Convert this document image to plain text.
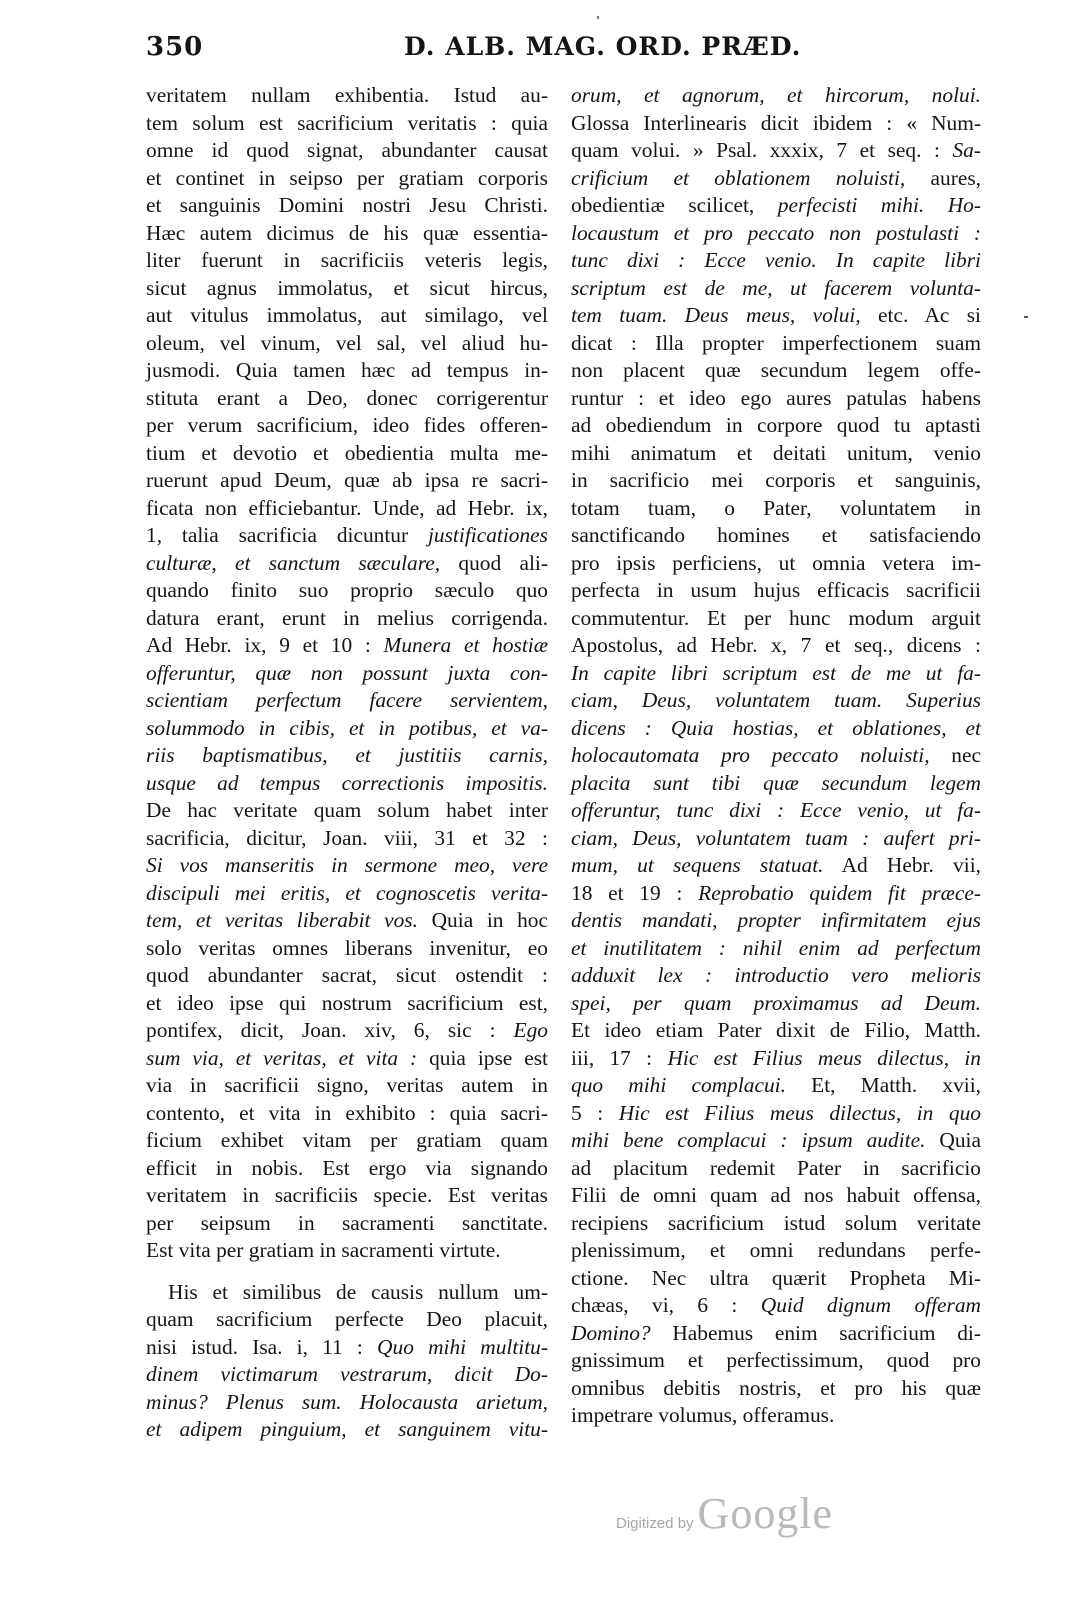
350	D. ALB. MAG. ORD. PRÆD.
veritatem nullam exhibentia. Istud au-
tem solum est sacrificium veritatis : quia
omne id quod signat, abundanter causat
et continet in seipso per gratiam corporis
et sanguinis Domini nostri Jesu Christi.
Hæc autem dicimus de his quæ essentia-
liter fuerunt in sacrificiis veteris legis,
sicut agnus immolatus, et sicut hircus,
aut vitulus immolatus, aut similago, vel
oleum, vel vinum, vel sal, vel aliud hu-
jusmodi. Quia tamen hæc ad tempus in-
stituta erant a Deo, donec corrigerentur
per verum sacrificium, ideo fides offeren-
tium et devotio et obedientia multa me-
ruerunt apud Deum, quæ ab ipsa re sacri-
ficata non efficiebantur. Unde, ad Hebr. ix,
1, talia sacrificia dicuntur justificationes
culturæ, et sanctum sæculare, quod ali-
quando finito suo proprio sæculo quo
datura erant, erunt in melius corrigenda.
Ad Hebr. ix, 9 et 10 : Munera et hostiæ
offeruntur, quæ non possunt juxta con-
scientiam perfectum facere servientem,
solummodo in cibis, et in potibus, et va-
riis baptismatibus, et justitiis carnis,
usque ad tempus correctionis impositis.
De hac veritate quam solum habet inter
sacrificia, dicitur, Joan. viii, 31 et 32 :
Si vos manseritis in sermone meo, vere
discipuli mei eritis, et cognoscetis verita-
tem, et veritas liberabit vos. Quia in hoc
solo veritas omnes liberans invenitur, eo
quod abundanter sacrat, sicut ostendit :
et ideo ipse qui nostrum sacrificium est,
pontifex, dicit, Joan. xiv, 6, sic : Ego
sum via, et veritas, et vita : quia ipse est
via in sacrificii signo, veritas autem in
contento, et vita in exhibito : quia sacri-
ficium exhibet vitam per gratiam quam
efficit in nobis. Est ergo via signando
veritatem in sacrificiis specie. Est veritas
per seipsum in sacramenti sanctitate.
Est vita per gratiam in sacramenti virtute.
His et similibus de causis nullum um-
quam sacrificium perfecte Deo placuit,
nisi istud. Isa. i, 11 : Quo mihi multitu-
dinem victimarum vestrarum, dicit Do-
minus? Plenus sum. Holocausta arietum,
et adipem pinguium, et sanguinem vitu-
orum, et agnorum, et hircorum, nolui.
Glossa Interlinearis dicit ibidem : « Num-
quam volui. » Psal. xxxix, 7 et seq. : Sa-
crificium et oblationem noluisti, aures,
obedientiæ scilicet, perfecisti mihi. Ho-
locaustum et pro peccato non postulasti :
tunc dixi : Ecce venio. In capite libri
scriptum est de me, ut facerem volunta-
tem tuam. Deus meus, volui, etc. Ac si
dicat : Illa propter imperfectionem suam
non placent quæ secundum legem offe-
runtur : et ideo ego aures patulas habens
ad obediendum in corpore quod tu aptasti
mihi animatum et deitati unitum, venio
in sacrificio mei corporis et sanguinis,
totam tuam, o Pater, voluntatem in
sanctificando homines et satisfaciendo
pro ipsis perficiens, ut omnia vetera im-
perfecta in usum hujus efficacis sacrificii
commutentur. Et per hunc modum arguit
Apostolus, ad Hebr. x, 7 et seq., dicens :
In capite libri scriptum est de me ut fa-
ciam, Deus, voluntatem tuam. Superius
dicens : Quia hostias, et oblationes, et
holocautomata pro peccato noluisti, nec
placita sunt tibi quæ secundum legem
offeruntur, tunc dixi : Ecce venio, ut fa-
ciam, Deus, voluntatem tuam : aufert pri-
mum, ut sequens statuat. Ad Hebr. vii,
18 et 19 : Reprobatio quidem fit præce-
dentis mandati, propter infirmitatem ejus
et inutilitatem : nihil enim ad perfectum
adduxit lex : introductio vero melioris
spei, per quam proximamus ad Deum.
Et ideo etiam Pater dixit de Filio, Matth.
iii, 17 : Hic est Filius meus dilectus, in
quo mihi complacui. Et, Matth. xvii,
5 : Hic est Filius meus dilectus, in quo
mihi bene complacui : ipsum audite. Quia
ad placitum redemit Pater in sacrificio
Filii de omni quam ad nos habuit offensa,
recipiens sacrificium istud solum veritate
plenissimum, et omni redundans perfe-
ctione. Nec ultra quærit Propheta Mi-
chæas, vi, 6 : Quid dignum offeram
Domino? Habemus enim sacrificium di-
gnissimum et perfectissimum, quod pro
omnibus debitis nostris, et pro his quæ
impetrare volumus, offeramus.
Digitized by Google
